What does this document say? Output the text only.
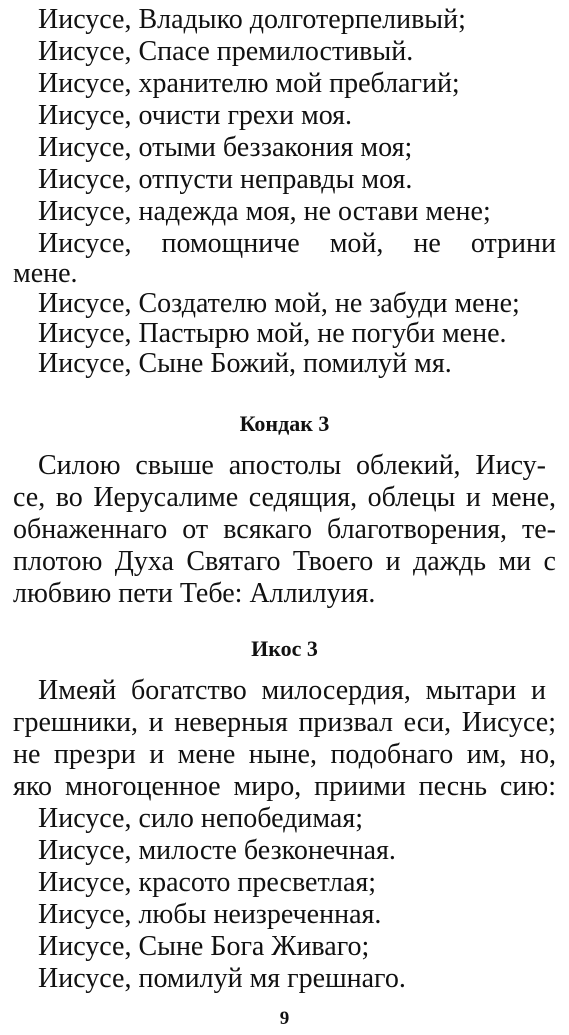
Иисусе, Владыко долготерпеливый;
Иисусе, Спасе премилостивый.
Иисусе, хранителю мой преблагий;
Иисусе, очисти грехи моя.
Иисусе, отыми беззакония моя;
Иисусе, отпусти неправды моя.
Иисусе, надежда моя, не остави мене;
Иисусе, помощниче мой, не отрини
мене.
Иисусе, Создателю мой, не забуди мене;
Иисусе, Пастырю мой, не погуби мене.
Иисусе, Сыне Божий, помилуй мя.
Кондак 3
Силою свыше апостолы облекий, Иису-
се, во Иерусалиме седящия, облецы и мене,
обнаженнаго от всякаго благотворения, те-
плотою Духа Святаго Твоего и даждь ми с
любвию пети Тебе: Аллилуия.
Икос 3
Имеяй богатство милосердия, мытари и
грешники, и неверныя призвал еси, Иисусе;
не презри и мене ныне, подобнаго им, но,
яко многоценное миро, приими песнь сию:
Иисусе, сило непобедимая;
Иисусе, милосте безконечная.
Иисусе, красото пресветлая;
Иисусе, любы неизреченная.
Иисусе, Сыне Бога Живаго;
Иисусе, помилуй мя грешнаго.
9
